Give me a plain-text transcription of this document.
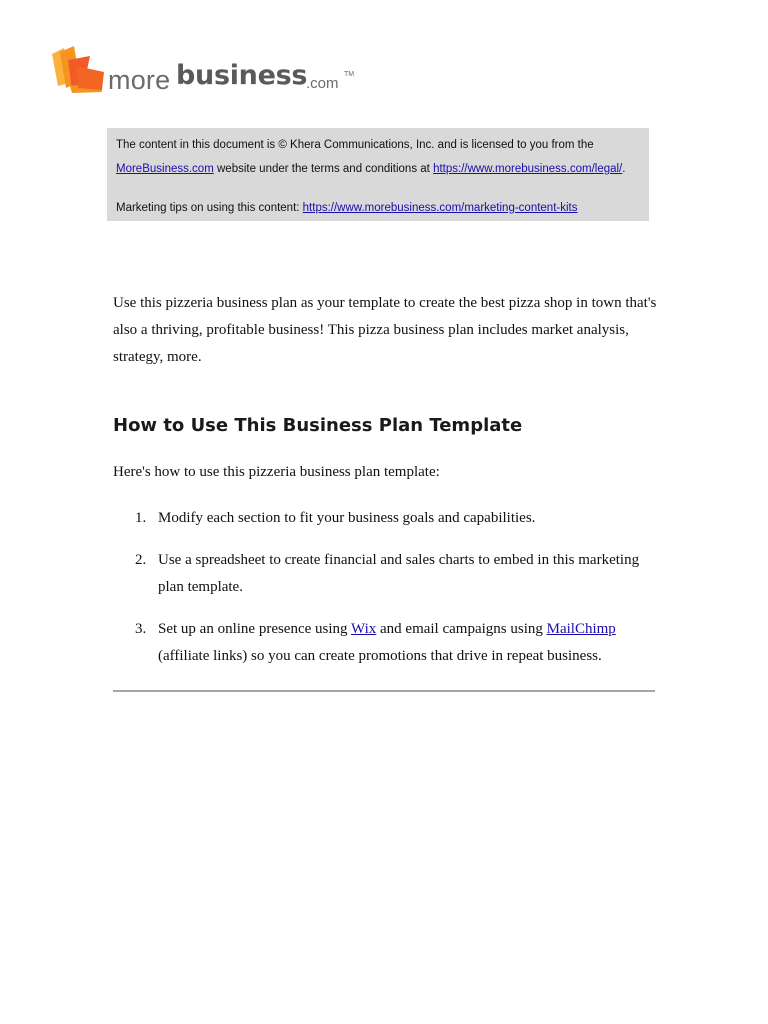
more business
.com
TM
The content in this document is © Khera Communications, Inc. and is licensed to you from the
MoreBusiness.com website under the terms and conditions at https://www.morebusiness.com/legal/.
Marketing tips on using this content: https://www.morebusiness.com/marketing-content-kits

Use this pizzeria business plan as your template to create the best pizza shop in town that's also a thriving, profitable business! This pizza business plan includes market analysis, strategy, more.

How to Use This Business Plan Template

Here's how to use this pizzeria business plan template:

1. Modify each section to fit your business goals and capabilities.
2. Use a spreadsheet to create financial and sales charts to embed in this marketing plan template.
3. Set up an online presence using Wix and email campaigns using MailChimp (affiliate links) so you can create promotions that drive in repeat business.
